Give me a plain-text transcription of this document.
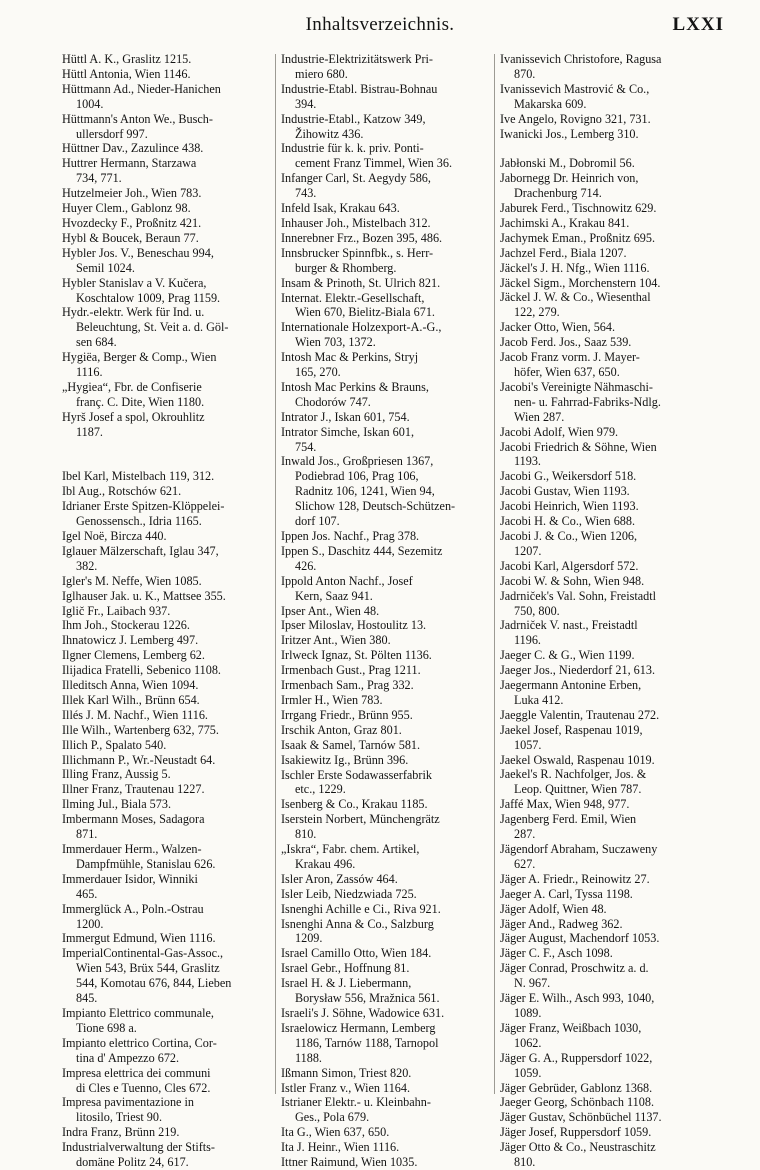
Inhaltsverzeichnis.	LXXI
Hüttl A. K., Graslitz 1215.
Hüttl Antonia, Wien 1146.
Hüttmann Ad., Nieder-Hanichen
1004.
Hüttmann's Anton We., Busch-
ullersdorf 997.
Hüttner Dav., Zazulince 438.
Huttrer Hermann, Starzawa
734, 771.
Hutzelmeier Joh., Wien 783.
Huyer Clem., Gablonz 98.
Hvozdecky F., Proßnitz 421.
Hybl & Boucek, Beraun 77.
Hybler Jos. V., Beneschau 994,
Semil 1024.
Hybler Stanislav a V. Kučera,
Koschtalow 1009, Prag 1159.
Hydr.-elektr. Werk für Ind. u.
Beleuchtung, St. Veit a. d. Göl-
sen 684.
Hygiëa, Berger & Comp., Wien
1116.
„Hygiea“, Fbr. de Confiserie
franç. C. Dite, Wien 1180.
Hyrš Josef a spol, Okrouhlitz
1187.
Ibel Karl, Mistelbach 119, 312.
Ibl Aug., Rotschów 621.
Idrianer Erste Spitzen-Klöppelei-
Genossensch., Idria 1165.
Igel Noë, Bircza 440.
Iglauer Mälzerschaft, Iglau 347,
382.
Igler's M. Neffe, Wien 1085.
Iglhauser Jak. u. K., Mattsee 355.
Iglič Fr., Laibach 937.
Ihm Joh., Stockerau 1226.
Ihnatowicz J. Lemberg 497.
Ilgner Clemens, Lemberg 62.
Ilijadica Fratelli, Sebenico 1108.
Illeditsch Anna, Wien 1094.
Illek Karl Wilh., Brünn 654.
Illés J. M. Nachf., Wien 1116.
Ille Wilh., Wartenberg 632, 775.
Illich P., Spalato 540.
Illichmann P., Wr.-Neustadt 64.
Illing Franz, Aussig 5.
Illner Franz, Trautenau 1227.
Ilming Jul., Biala 573.
Imbermann Moses, Sadagora
871.
Immerdauer Herm., Walzen-
Dampfmühle, Stanislau 626.
Immerdauer Isidor, Winniki
465.
Immerglück A., Poln.-Ostrau
1200.
Immergut Edmund, Wien 1116.
ImperialContinental-Gas-Assoc.,
Wien 543, Brüx 544, Graslitz
544, Komotau 676, 844, Lieben
845.
Impianto Elettrico communale,
Tione 698 a.
Impianto elettrico Cortina, Cor-
tina d' Ampezzo 672.
Impresa elettrica dei communi
di Cles e Tuenno, Cles 672.
Impresa pavimentazione in
litosilo, Triest 90.
Indra Franz, Brünn 219.
Industrialverwaltung der Stifts-
domäne Politz 24, 617.
Industrie-Elektrizitätswerk Pri-
miero 680.
Industrie-Etabl. Bistrau-Bohnau
394.
Industrie-Etabl., Katzow 349,
Žihowitz 436.
Industrie für k. k. priv. Ponti-
cement Franz Timmel, Wien 36.
Infanger Carl, St. Aegydy 586,
743.
Infeld Isak, Krakau 643.
Inhauser Joh., Mistelbach 312.
Innerebner Frz., Bozen 395, 486.
Innsbrucker Spinnfbk., s. Herr-
burger & Rhomberg.
Insam & Prinoth, St. Ulrich 821.
Internat. Elektr.-Gesellschaft,
Wien 670, Bielitz-Biala 671.
Internationale Holzexport-A.-G.,
Wien 703, 1372.
Intosh Mac & Perkins, Stryj
165, 270.
Intosh Mac Perkins & Brauns,
Chodorów 747.
Intrator J., Iskan 601, 754.
Intrator Simche, Iskan 601,
754.
Inwald Jos., Großpriesen 1367,
Podiebrad 106, Prag 106,
Radnitz 106, 1241, Wien 94,
Slichow 128, Deutsch-Schützen-
dorf 107.
Ippen Jos. Nachf., Prag 378.
Ippen S., Daschitz 444, Sezemitz
426.
Ippold Anton Nachf., Josef
Kern, Saaz 941.
Ipser Ant., Wien 48.
Ipser Miloslav, Hostoulitz 13.
Iritzer Ant., Wien 380.
Irlweck Ignaz, St. Pölten 1136.
Irmenbach Gust., Prag 1211.
Irmenbach Sam., Prag 332.
Irmler H., Wien 783.
Irrgang Friedr., Brünn 955.
Irschik Anton, Graz 801.
Isaak & Samel, Tarnów 581.
Isakiewitz Ig., Brünn 396.
Ischler Erste Sodawasserfabrik
etc., 1229.
Isenberg & Co., Krakau 1185.
Iserstein Norbert, Münchengrätz
810.
„Iskra“, Fabr. chem. Artikel,
Krakau 496.
Isler Aron, Zassów 464.
Isler Leib, Niedzwiada 725.
Isnenghi Achille e Ci., Riva 921.
Isnenghi Anna & Co., Salzburg
1209.
Israel Camillo Otto, Wien 184.
Israel Gebr., Hoffnung 81.
Israel H. & J. Liebermann,
Borysław 556, Mražnica 561.
Israeli's J. Söhne, Wadowice 631.
Israelowicz Hermann, Lemberg
1186, Tarnów 1188, Tarnopol
1188.
Ißmann Simon, Triest 820.
Istler Franz v., Wien 1164.
Istrianer Elektr.- u. Kleinbahn-
Ges., Pola 679.
Ita G., Wien 637, 650.
Ita J. Heinr., Wien 1116.
Ittner Raimund, Wien 1035.
Ivanissevich Christofore, Ragusa
870.
Ivanissevich Mastrović & Co.,
Makarska 609.
Ive Angelo, Rovigno 321, 731.
Iwanicki Jos., Lemberg 310.
Jabłonski M., Dobromil 56.
Jabornegg Dr. Heinrich von,
Drachenburg 714.
Jaburek Ferd., Tischnowitz 629.
Jachimski A., Krakau 841.
Jachymek Eman., Proßnitz 695.
Jachzel Ferd., Biala 1207.
Jäckel's J. H. Nfg., Wien 1116.
Jäckel Sigm., Morchenstern 104.
Jäckel J. W. & Co., Wiesenthal
122, 279.
Jacker Otto, Wien, 564.
Jacob Ferd. Jos., Saaz 539.
Jacob Franz vorm. J. Mayer-
höfer, Wien 637, 650.
Jacobi's Vereinigte Nähmaschi-
nen- u. Fahrrad-Fabriks-Ndlg.
Wien 287.
Jacobi Adolf, Wien 979.
Jacobi Friedrich & Söhne, Wien
1193.
Jacobi G., Weikersdorf 518.
Jacobi Gustav, Wien 1193.
Jacobi Heinrich, Wien 1193.
Jacobi H. & Co., Wien 688.
Jacobi J. & Co., Wien 1206,
1207.
Jacobi Karl, Algersdorf 572.
Jacobi W. & Sohn, Wien 948.
Jadrniček's Val. Sohn, Freistadtl
750, 800.
Jadrniček V. nast., Freistadtl
1196.
Jaeger C. & G., Wien 1199.
Jaeger Jos., Niederdorf 21, 613.
Jaegermann Antonine Erben,
Luka 412.
Jaeggle Valentin, Trautenau 272.
Jaekel Josef, Raspenau 1019,
1057.
Jaekel Oswald, Raspenau 1019.
Jaekel's R. Nachfolger, Jos. &
Leop. Quittner, Wien 787.
Jaffé Max, Wien 948, 977.
Jagenberg Ferd. Emil, Wien
287.
Jägendorf Abraham, Suczaweny
627.
Jäger A. Friedr., Reinowitz 27.
Jaeger A. Carl, Tyssa 1198.
Jäger Adolf, Wien 48.
Jäger And., Radweg 362.
Jäger August, Machendorf 1053.
Jäger C. F., Asch 1098.
Jäger Conrad, Proschwitz a. d.
N. 967.
Jäger E. Wilh., Asch 993, 1040,
1089.
Jäger Franz, Weißbach 1030,
1062.
Jäger G. A., Ruppersdorf 1022,
1059.
Jäger Gebrüder, Gablonz 1368.
Jaeger Georg, Schönbach 1108.
Jäger Gustav, Schönbüchel 1137.
Jäger Josef, Ruppersdorf 1059.
Jäger Otto & Co., Neustraschitz
810.
